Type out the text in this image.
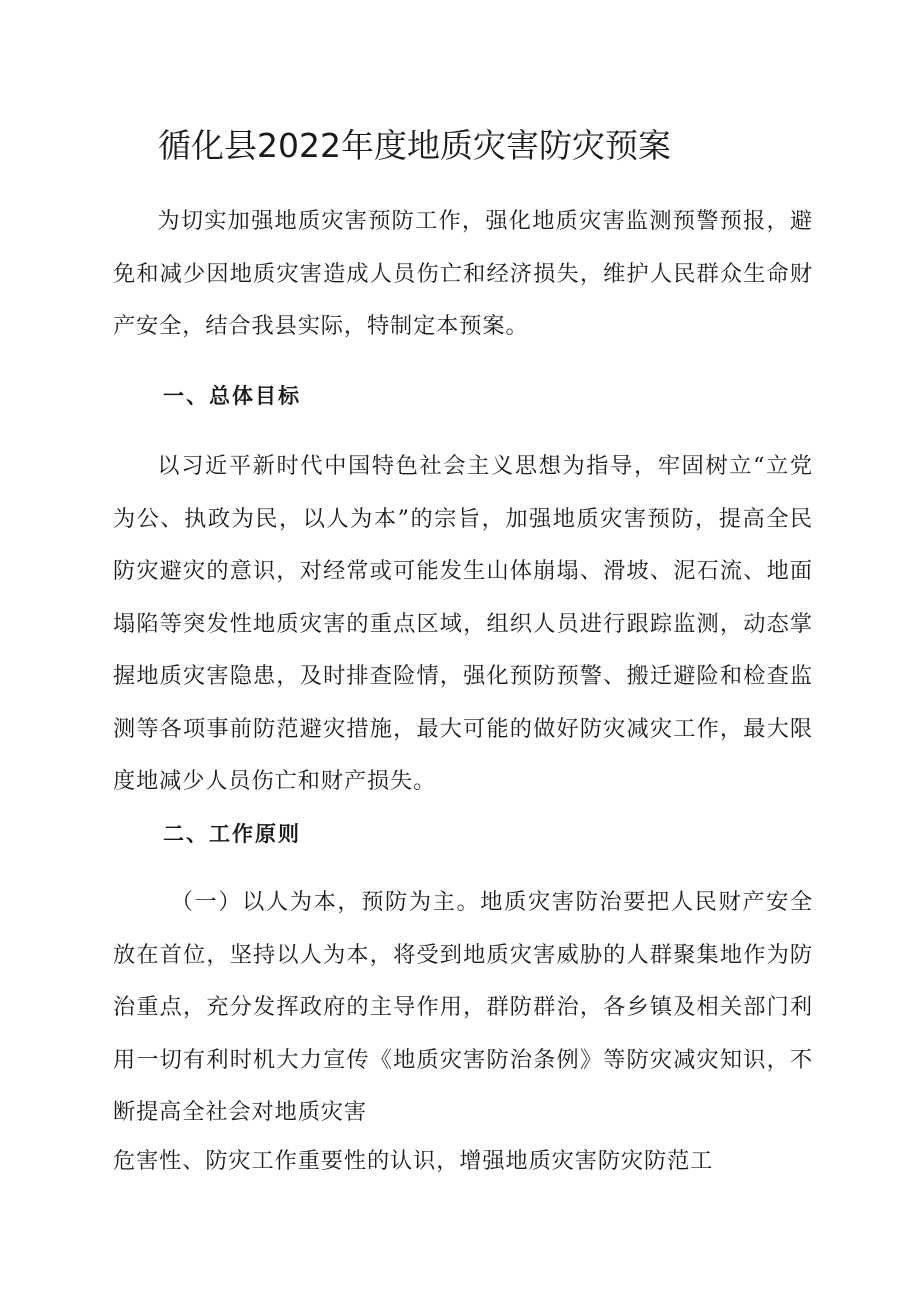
循化县2022年度地质灾害防灾预案

为切实加强地质灾害预防工作，强化地质灾害监测预警预报，避免和减少因地质灾害造成人员伤亡和经济损失，维护人民群众生命财产安全，结合我县实际，特制定本预案。

一、总体目标

以习近平新时代中国特色社会主义思想为指导，牢固树立“立党为公、执政为民，以人为本”的宗旨，加强地质灾害预防，提高全民防灾避灾的意识，对经常或可能发生山体崩塌、滑坡、泥石流、地面塌陷等突发性地质灾害的重点区域，组织人员进行跟踪监测，动态掌握地质灾害隐患，及时排查险情，强化预防预警、搬迁避险和检查监测等各项事前防范避灾措施，最大可能的做好防灾减灾工作，最大限度地减少人员伤亡和财产损失。

二、工作原则

（一）以人为本，预防为主。地质灾害防治要把人民财产安全放在首位，坚持以人为本，将受到地质灾害威胁的人群聚集地作为防治重点，充分发挥政府的主导作用，群防群治，各乡镇及相关部门利用一切有利时机大力宣传《地质灾害防治条例》等防灾减灾知识，不断提高全社会对地质灾害

危害性、防灾工作重要性的认识，增强地质灾害防灾防范工
